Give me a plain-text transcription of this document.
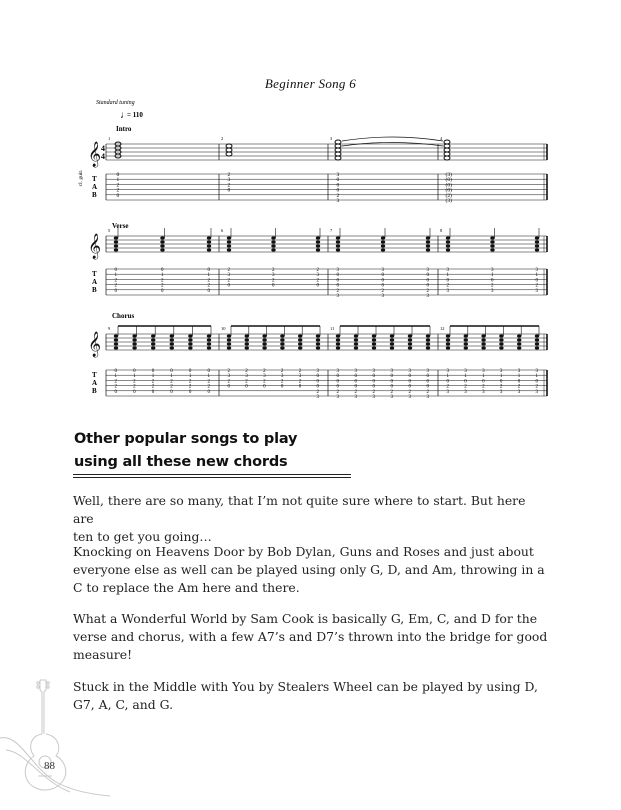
Beginner Song 6
Standard tuning
♩
= 110
cl. guit.
𝄞 4
4
T
A
B
Intro
1	2	3	4
0
1
2
2
0
2
3
2
0
3
0
0
0
2
3
(3)
(0)
(0)
(0)
(2)
(3)
𝄞
T
A
B
Verse
5	6	7	8
0
1
2
2
0
0
1
2
2
0
0
1
2
2
0
2
3
2
0
2
3
2
0
2
3
2
0
3
0
0
0
2
3
3
0
0
0
2
3
3
0
0
0
2
3
3
1
0
2
3
3
1
0
2
3
3
1
0
2
3
𝄞
T
A
B
Chorus
9	10	11	12
0
1
2
2
0
0
1
2
2
0
0
1
2
2
0
0
1
2
2
0
0
1
2
2
0
0
1
2
2
0
2
3
2
0
2
3
2
0
2
3
2
0
2
3
2
0
2
3
2
0
3
0
0
0
2
3
3
0
0
0
2
3
3
0
0
0
2
3
3
0
0
0
2
3
3
0
0
0
2
3
3
0
0
0
2
3
3
0
0
0
2
3
3
1
0
2
3
3
1
0
2
3
3
1
0
2
3
3
1
0
2
3
3
1
0
2
3
3
1
0
2
3
Other popular songs to play
using all these new chords
Well, there are so many, that I’m not quite sure where to start. But here are
ten to get you going…
Knocking on Heavens Door by Bob Dylan, Guns and Roses and just about
everyone else as well can be played using only G, D, and Am, throwing in a
C to replace the Am here and there.
What a Wonderful World by Sam Cook is basically G, Em, C, and D for the
verse and chorus, with a few A7’s and D7’s thrown into the bridge for good
measure!
Stuck in the Middle with You by Stealers Wheel can be played by using D,
G7, A, C, and G.
88
